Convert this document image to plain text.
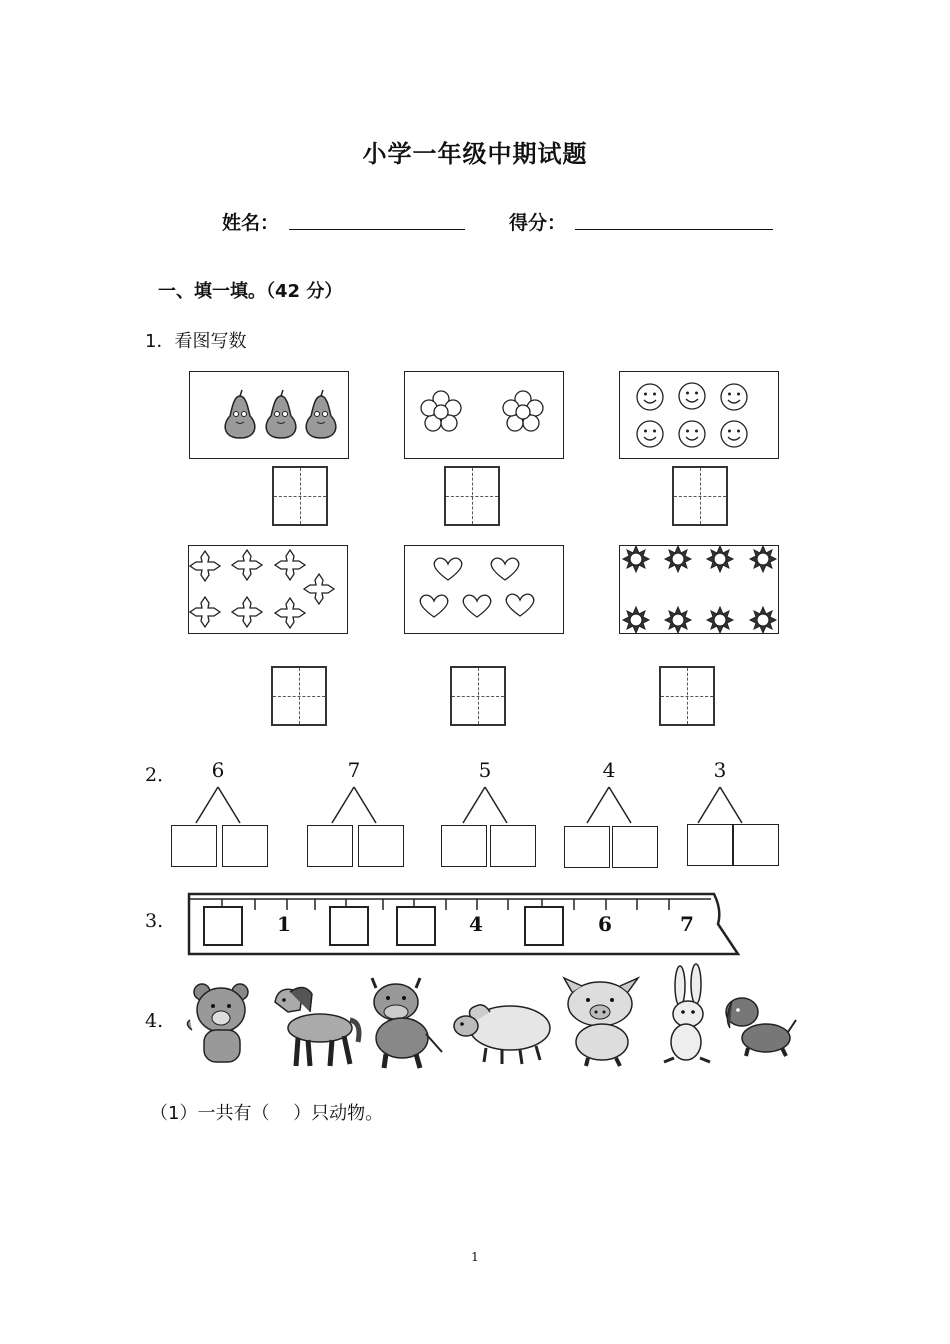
小学一年级中期试题
姓名：	得分：
一、填一填。（42 分）
1．看图写数
2．	6	7	5	4	3
3.	1	4	6	7
4.
（1）一共有（　 ）只动物。
1
